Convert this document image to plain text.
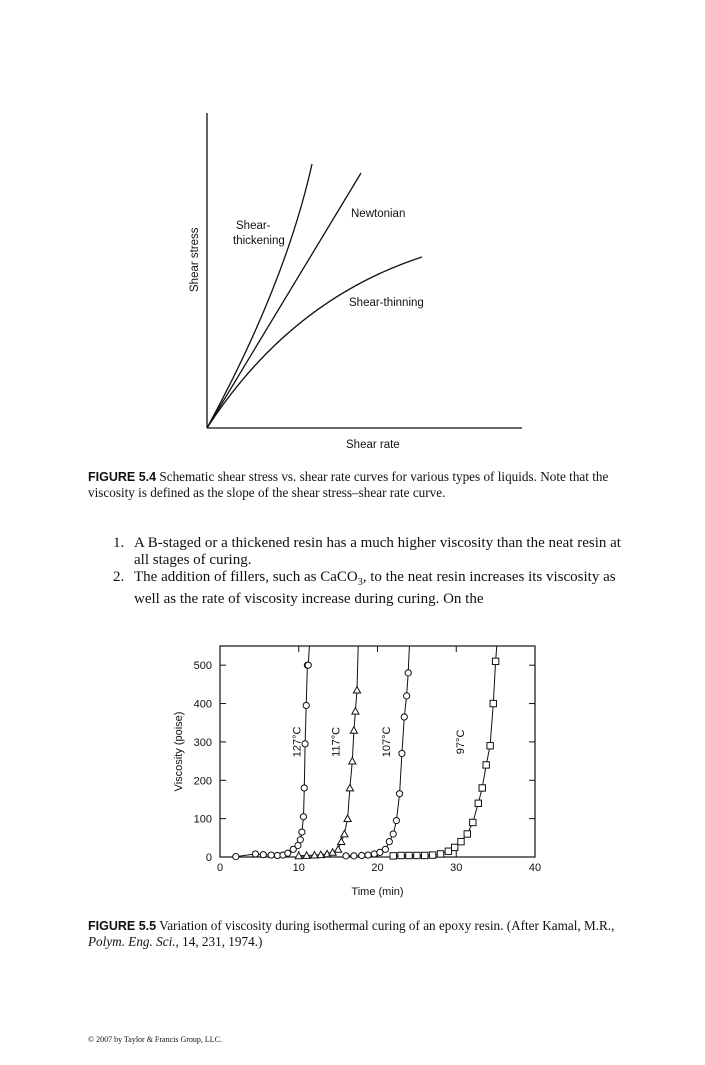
Shear-
thickening
Newtonian
Shear-thinning
Shear rate
Shear stress
FIGURE 5.4 Schematic shear stress vs. shear rate curves for various types of liquids. Note that the viscosity is defined as the slope of the shear stress–shear rate curve.
1. A B-staged or a thickened resin has a much higher viscosity than the neat resin at all stages of curing.
2. The addition of fillers, such as CaCO$_3$, to the neat resin increases its viscosity as well as the rate of viscosity increase during curing. On the
0	10	20	30	40
0
100
200
300
400
500
Time (min)
Viscosity (poise)	127°C 117°C	107°C	97°C
FIGURE 5.5 Variation of viscosity during isothermal curing of an epoxy resin. (After Kamal, M.R., Polym. Eng. Sci., 14, 231, 1974.)
© 2007 by Taylor & Francis Group, LLC.
